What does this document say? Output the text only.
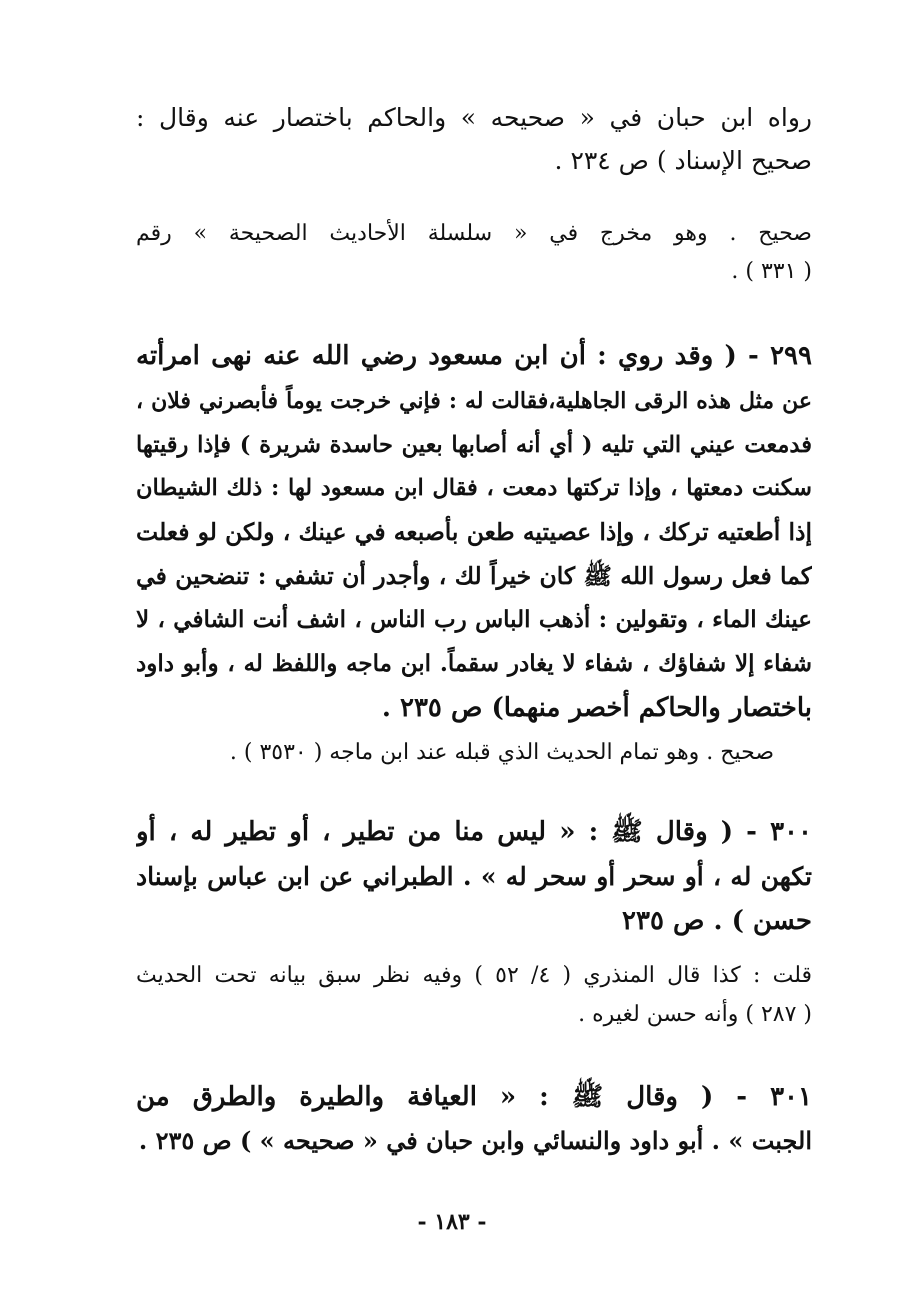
رواه ابن حبان في « صحيحه » والحاكم باختصار عنه وقال :
صحيح الإسناد ) ص ٢٣٤ .
صحيح . وهو مخرج في « سلسلة الأحاديث الصحيحة » رقم
( ٣٣١ ) .
٢٩٩ - ( وقد روي : أن ابن مسعود رضي الله عنه نهى امرأته
عن مثل هذه الرقى الجاهلية،فقالت له : فإني خرجت يوماً فأبصرني فلان ،
فدمعت عيني التي تليه ( أي أنه أصابها بعين حاسدة شريرة ) فإذا رقيتها
سكنت دمعتها ، وإذا تركتها دمعت ، فقال ابن مسعود لها : ذلك الشيطان
إذا أطعتيه تركك ، وإذا عصيتيه طعن بأصبعه في عينك ، ولكن لو فعلت
كما فعل رسول الله ﷺ كان خيراً لك ، وأجدر أن تشفي : تنضحين في
عينك الماء ، وتقولين : أذهب الباس رب الناس ، اشف أنت الشافي ، لا
شفاء إلا شفاؤك ، شفاء لا يغادر سقماً. ابن ماجه واللفظ له ، وأبو داود
باختصار والحاكم أخصر منهما) ص ٢٣٥ .
صحيح . وهو تمام الحديث الذي قبله عند ابن ماجه ( ٣٥٣٠ ) .
٣٠٠ - ( وقال ﷺ : « ليس منا من تطير ، أو تطير له ، أو
تكهن له ، أو سحر أو سحر له » . الطبراني عن ابن عباس بإسناد
حسن ) . ص ٢٣٥
قلت : كذا قال المنذري ( ٤/ ٥٢ ) وفيه نظر سبق بيانه تحت الحديث
( ٢٨٧ ) وأنه حسن لغيره .
٣٠١ - ( وقال ﷺ : « العيافة والطيرة والطرق من
الجبت » . أبو داود والنسائي وابن حبان في « صحيحه » ) ص ٢٣٥ .
- ١٨٣ -
